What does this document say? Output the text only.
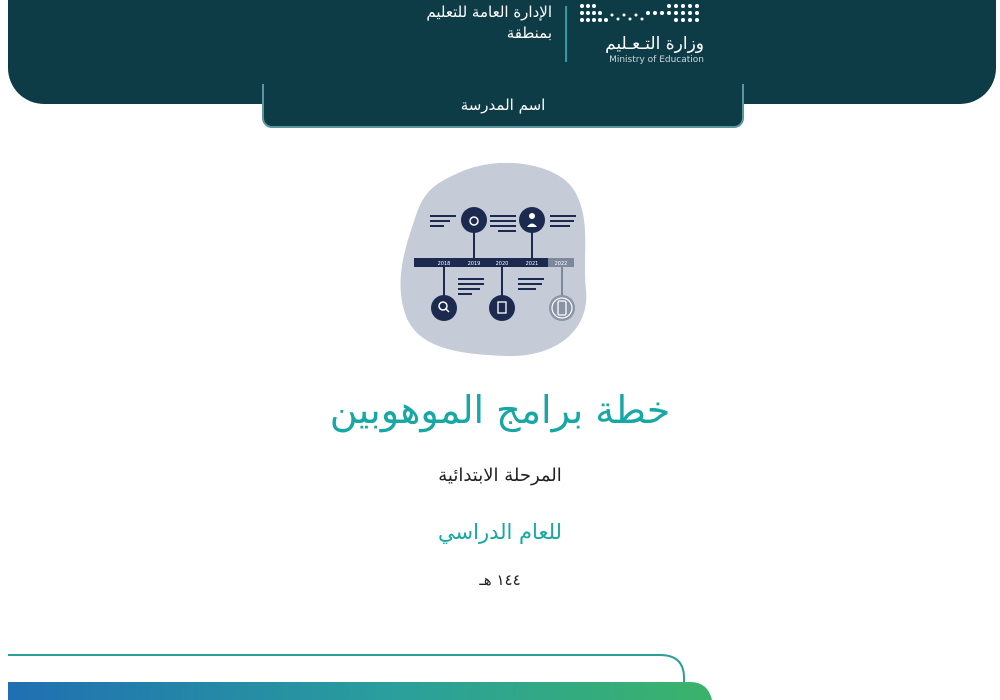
وزارة التـعـليم
Ministry of Education
الإدارة العامة للتعليم
بمنطقة
اسم المدرسة
2018	2019	2020	2021	2022
خطة برامج الموهوبين
المرحلة الابتدائية
للعام الدراسي
١٤٤ هـ
